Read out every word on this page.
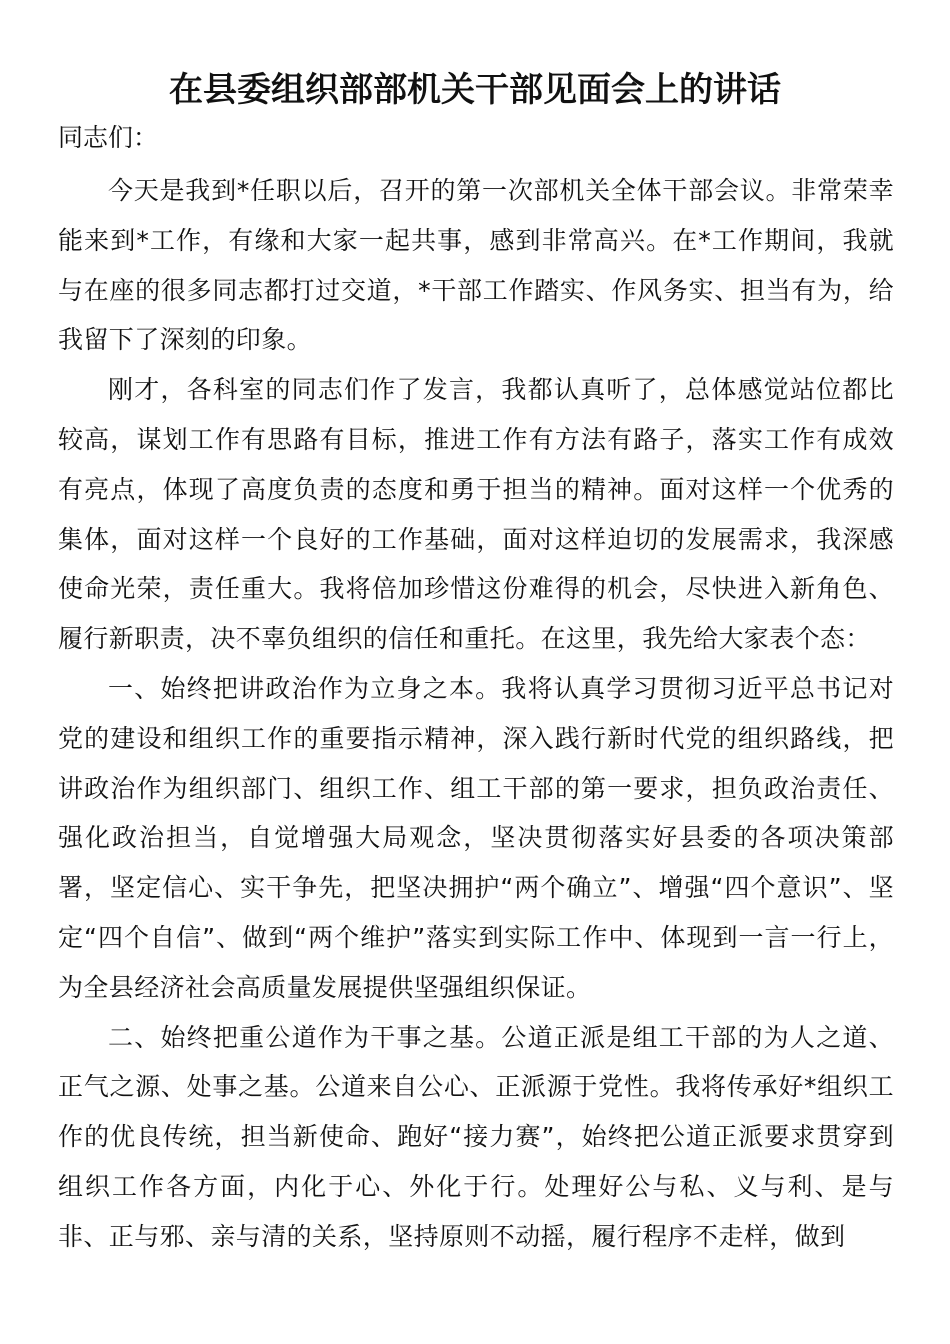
在县委组织部部机关干部见面会上的讲话

同志们：

今天是我到*任职以后，召开的第一次部机关全体干部会议。非常荣幸能来到*工作，有缘和大家一起共事，感到非常高兴。在*工作期间，我就与在座的很多同志都打过交道，*干部工作踏实、作风务实、担当有为，给我留下了深刻的印象。

刚才，各科室的同志们作了发言，我都认真听了，总体感觉站位都比较高，谋划工作有思路有目标，推进工作有方法有路子，落实工作有成效有亮点，体现了高度负责的态度和勇于担当的精神。面对这样一个优秀的集体，面对这样一个良好的工作基础，面对这样迫切的发展需求，我深感使命光荣，责任重大。我将倍加珍惜这份难得的机会，尽快进入新角色、履行新职责，决不辜负组织的信任和重托。在这里，我先给大家表个态：

一、始终把讲政治作为立身之本。我将认真学习贯彻习近平总书记对党的建设和组织工作的重要指示精神，深入践行新时代党的组织路线，把讲政治作为组织部门、组织工作、组工干部的第一要求，担负政治责任、强化政治担当，自觉增强大局观念，坚决贯彻落实好县委的各项决策部署，坚定信心、实干争先，把坚决拥护“两个确立”、增强“四个意识”、坚定“四个自信”、做到“两个维护”落实到实际工作中、体现到一言一行上，为全县经济社会高质量发展提供坚强组织保证。

二、始终把重公道作为干事之基。公道正派是组工干部的为人之道、正气之源、处事之基。公道来自公心、正派源于党性。我将传承好*组织工作的优良传统，担当新使命、跑好“接力赛”，始终把公道正派要求贯穿到组织工作各方面，内化于心、外化于行。处理好公与私、义与利、是与非、正与邪、亲与清的关系，坚持原则不动摇，履行程序不走样，做到
